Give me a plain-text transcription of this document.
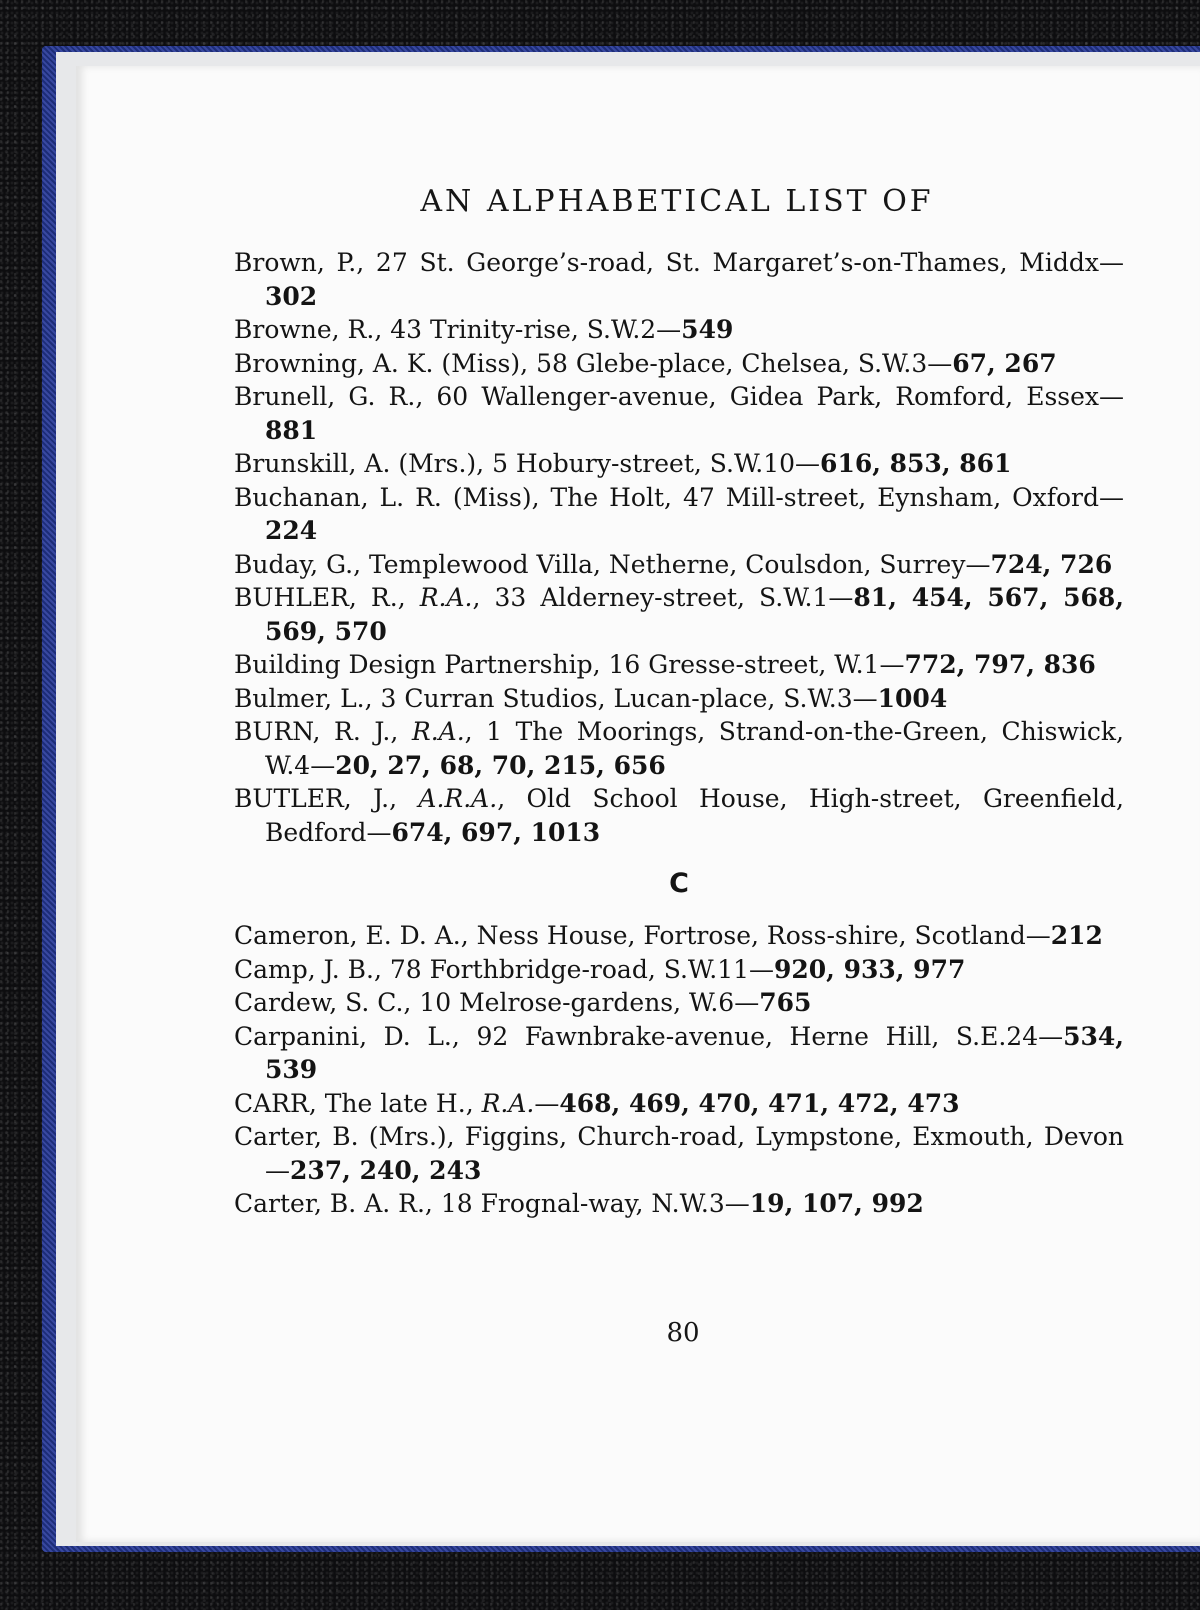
AN ALPHABETICAL LIST OF
Brown, P., 27 St. George’s-road, St. Margaret’s-on-Thames, Middx—302
Browne, R., 43 Trinity-rise, S.W.2—549
Browning, A. K. (Miss), 58 Glebe-place, Chelsea, S.W.3—67, 267
Brunell, G. R., 60 Wallenger-avenue, Gidea Park, Romford, Essex—881
Brunskill, A. (Mrs.), 5 Hobury-street, S.W.10—616, 853, 861
Buchanan, L. R. (Miss), The Holt, 47 Mill-street, Eynsham, Oxford—224
Buday, G., Templewood Villa, Netherne, Coulsdon, Surrey—724, 726
BUHLER, R., R.A., 33 Alderney-street, S.W.1—81, 454, 567, 568, 569, 570
Building Design Partnership, 16 Gresse-street, W.1—772, 797, 836
Bulmer, L., 3 Curran Studios, Lucan-place, S.W.3—1004
BURN, R. J., R.A., 1 The Moorings, Strand-on-the-Green, Chiswick, W.4—20, 27, 68, 70, 215, 656
BUTLER, J., A.R.A., Old School House, High-street, Greenfield, Bedford—674, 697, 1013
C
Cameron, E. D. A., Ness House, Fortrose, Ross-shire, Scotland—212
Camp, J. B., 78 Forthbridge-road, S.W.11—920, 933, 977
Cardew, S. C., 10 Melrose-gardens, W.6—765
Carpanini, D. L., 92 Fawnbrake-avenue, Herne Hill, S.E.24—534, 539
CARR, The late H., R.A.—468, 469, 470, 471, 472, 473
Carter, B. (Mrs.), Figgins, Church-road, Lympstone, Exmouth, Devon—237, 240, 243
Carter, B. A. R., 18 Frognal-way, N.W.3—19, 107, 992
80
